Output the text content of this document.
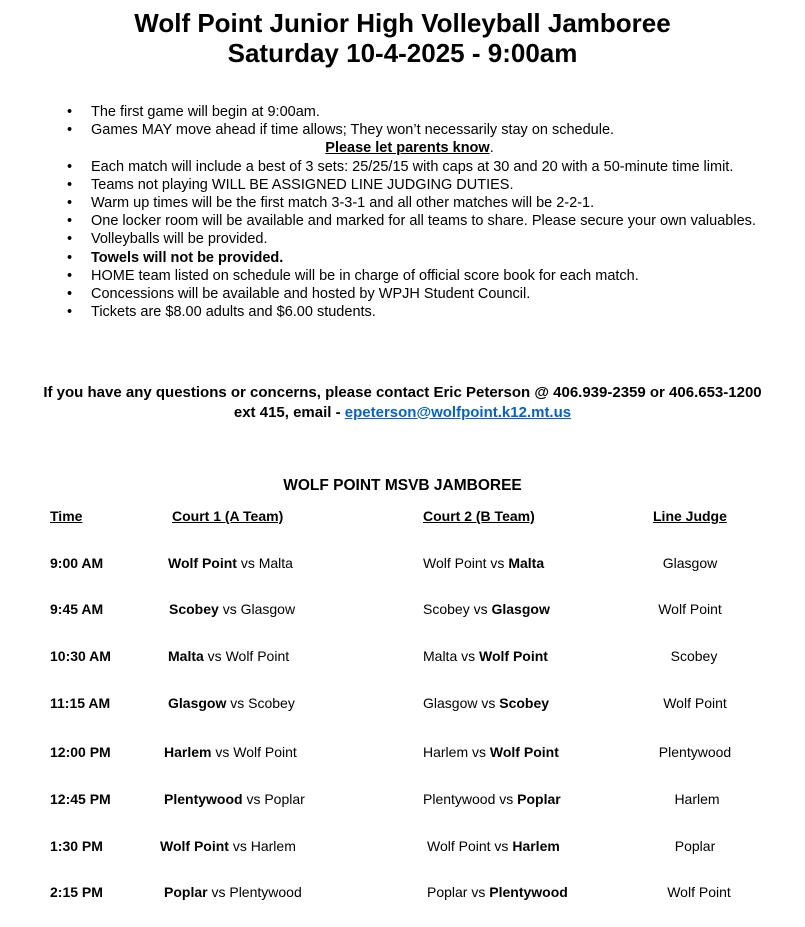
Wolf Point Junior High Volleyball Jamboree
Saturday 10-4-2025 - 9:00am
• The first game will begin at 9:00am.
• Games MAY move ahead if time allows; They won’t necessarily stay on schedule.
Please let parents know.
• Each match will include a best of 3 sets: 25/25/15 with caps at 30 and 20 with a 50-minute time limit.
• Teams not playing WILL BE ASSIGNED LINE JUDGING DUTIES.
• Warm up times will be the first match 3-3-1 and all other matches will be 2-2-1.
• One locker room will be available and marked for all teams to share. Please secure your own valuables.
• Volleyballs will be provided.
• Towels will not be provided.
• HOME team listed on schedule will be in charge of official score book for each match.
• Concessions will be available and hosted by WPJH Student Council.
• Tickets are $8.00 adults and $6.00 students.
If you have any questions or concerns, please contact Eric Peterson @ 406.939-2359 or 406.653-1200 ext 415, email - epeterson@wolfpoint.k12.mt.us
WOLF POINT MSVB JAMBOREE
Time	Court 1 (A Team)	Court 2 (B Team)	Line Judge
9:00 AM	Wolf Point vs Malta	Wolf Point vs Malta	Glasgow
9:45 AM	Scobey vs Glasgow	Scobey vs Glasgow	Wolf Point
10:30 AM	Malta vs Wolf Point	Malta vs Wolf Point	Scobey
11:15 AM	Glasgow vs Scobey	Glasgow vs Scobey	Wolf Point
12:00 PM	Harlem vs Wolf Point	Harlem vs Wolf Point	Plentywood
12:45 PM	Plentywood vs Poplar	Plentywood vs Poplar	Harlem
1:30 PM	Wolf Point vs Harlem	Wolf Point vs Harlem	Poplar
2:15 PM	Poplar vs Plentywood	Poplar vs Plentywood	Wolf Point
